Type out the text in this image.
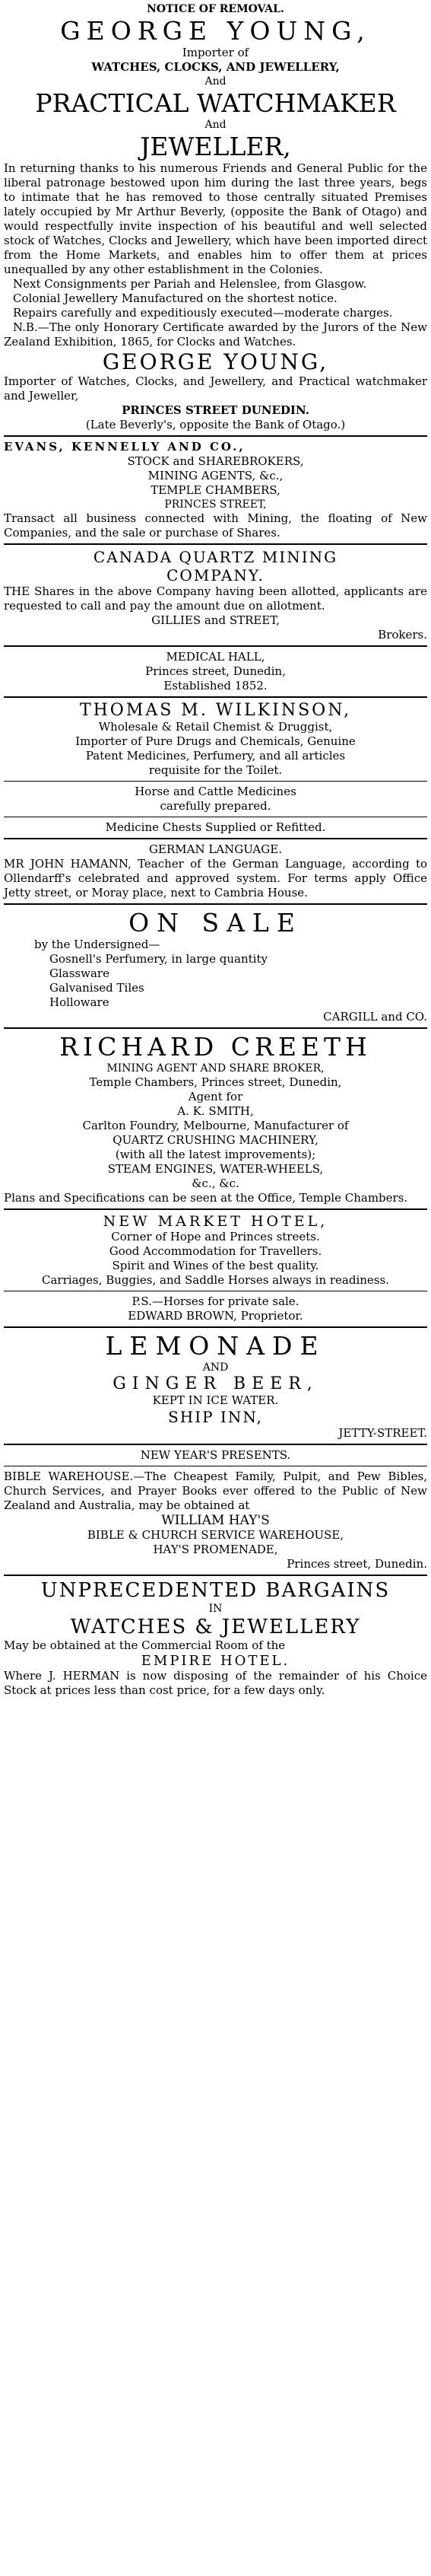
NOTICE OF REMOVAL.

GEORGE YOUNG,

Importer of

WATCHES, CLOCKS, AND JEWELLERY,

And

PRACTICAL WATCHMAKER

And

JEWELLER,

In returning thanks to his numerous Friends and General Public for the liberal patronage bestowed upon him during the last three years, begs to intimate that he has removed to those centrally situated Premises lately occupied by Mr Arthur Beverly, (opposite the Bank of Otago) and would respectfully invite inspection of his beautiful and well selected stock of Watches, Clocks and Jewellery, which have been imported direct from the Home Markets, and enables him to offer them at prices unequalled by any other establishment in the Colonies.

Next Consignments per Pariah and Helenslee, from Glasgow.

Colonial Jewellery Manufactured on the shortest notice.

Repairs carefully and expeditiously executed—moderate charges.

N.B.—The only Honorary Certificate awarded by the Jurors of the New Zealand Exhibition, 1865, for Clocks and Watches.

GEORGE YOUNG,

Importer of Watches, Clocks, and Jewellery, and Practical watchmaker and Jeweller,

PRINCES STREET DUNEDIN.

(Late Beverly's, opposite the Bank of Otago.)

EVANS, KENNELLY AND CO.,

STOCK and SHAREBROKERS,

MINING AGENTS, &c.,

TEMPLE CHAMBERS,

PRINCES STREET,

Transact all business connected with Mining, the floating of New Companies, and the sale or purchase of Shares.

CANADA QUARTZ MINING

COMPANY.

THE Shares in the above Company having been allotted, applicants are requested to call and pay the amount due on allotment.

GILLIES and STREET,

Brokers.

MEDICAL HALL,

Princes street, Dunedin,

Established 1852.

THOMAS M. WILKINSON,

Wholesale & Retail Chemist & Druggist,

Importer of Pure Drugs and Chemicals, Genuine

Patent Medicines, Perfumery, and all articles

requisite for the Toilet.

Horse and Cattle Medicines

carefully prepared.

Medicine Chests Supplied or Refitted.

GERMAN LANGUAGE.

MR JOHN HAMANN, Teacher of the German Language, according to Ollendarff's celebrated and approved system. For terms apply Office Jetty street, or Moray place, next to Cambria House.

ON SALE

by the Undersigned—

Gosnell's Perfumery, in large quantity

Glassware

Galvanised Tiles

Holloware

CARGILL and CO.

RICHARD CREETH

MINING AGENT AND SHARE BROKER,

Temple Chambers, Princes street, Dunedin,

Agent for

A. K. SMITH,

Carlton Foundry, Melbourne, Manufacturer of

QUARTZ CRUSHING MACHINERY,

(with all the latest improvements);

STEAM ENGINES, WATER-WHEELS,

&c., &c.

Plans and Specifications can be seen at the Office, Temple Chambers.

NEW MARKET HOTEL,

Corner of Hope and Princes streets.

Good Accommodation for Travellers.

Spirit and Wines of the best quality.

Carriages, Buggies, and Saddle Horses always in readiness.

P.S.—Horses for private sale.

EDWARD BROWN, Proprietor.

LEMONADE

AND

GINGER BEER,

KEPT IN ICE WATER.

SHIP INN,

JETTY-STREET.

NEW YEAR'S PRESENTS.

BIBLE WAREHOUSE.—The Cheapest Family, Pulpit, and Pew Bibles, Church Services, and Prayer Books ever offered to the Public of New Zealand and Australia, may be obtained at

WILLIAM HAY'S

BIBLE & CHURCH SERVICE WAREHOUSE,

HAY'S PROMENADE,

Princes street, Dunedin.

UNPRECEDENTED BARGAINS

IN

WATCHES & JEWELLERY

May be obtained at the Commercial Room of the

EMPIRE HOTEL.

Where J. HERMAN is now disposing of the remainder of his Choice Stock at prices less than cost price, for a few days only.
